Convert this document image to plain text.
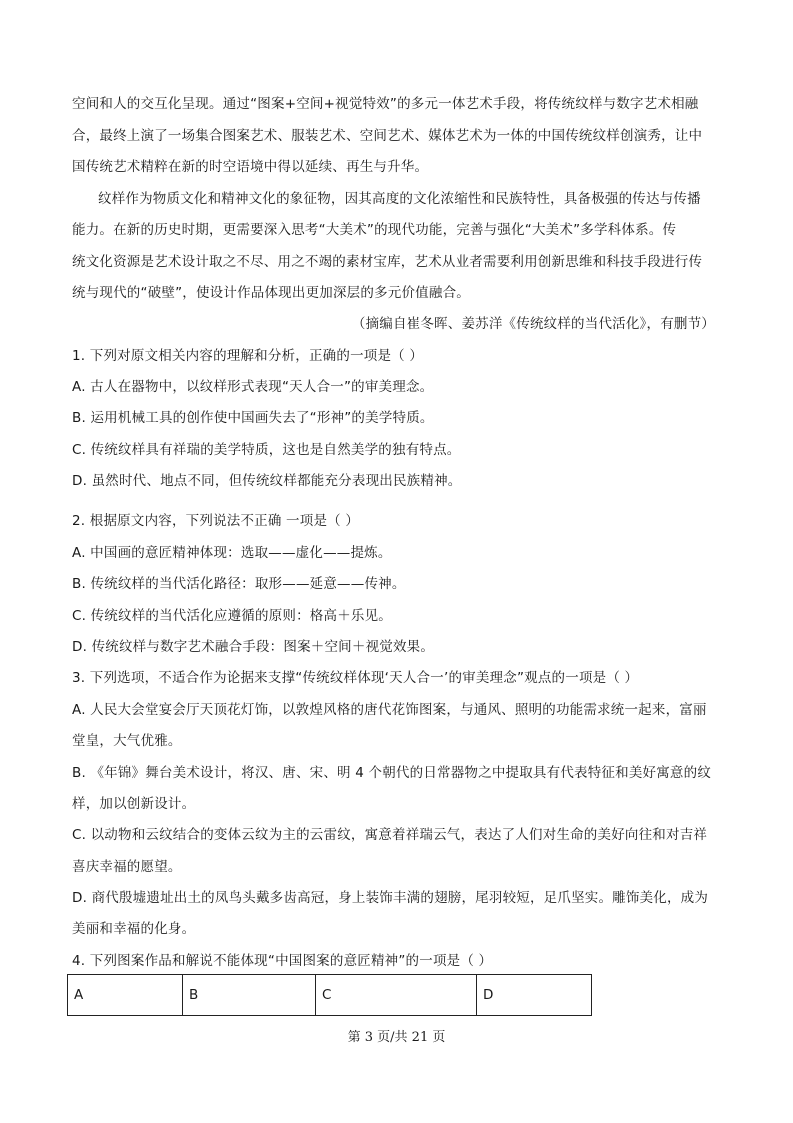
空间和人的交互化呈现。通过“图案+空间+视觉特效”的多元一体艺术手段，将传统纹样与数字艺术相融
合，最终上演了一场集合图案艺术、服装艺术、空间艺术、媒体艺术为一体的中国传统纹样创演秀，让中
国传统艺术精粹在新的时空语境中得以延续、再生与升华。
纹样作为物质文化和精神文化的象征物，因其高度的文化浓缩性和民族特性，具备极强的传达与传播
能力。在新的历史时期，更需要深入思考“大美术”的现代功能，完善与强化“大美术”多学科体系。传
统文化资源是艺术设计取之不尽、用之不竭的素材宝库，艺术从业者需要利用创新思维和科技手段进行传
统与现代的“破壁”，使设计作品体现出更加深层的多元价值融合。
（摘编自崔冬晖、姜苏洋《传统纹样的当代活化》，有删节）
1. 下列对原文相关内容的理解和分析，正确的一项是（ ）
A. 古人在器物中，以纹样形式表现“天人合一”的审美理念。
B. 运用机械工具的创作使中国画失去了“形神”的美学特质。
C. 传统纹样具有祥瑞的美学特质，这也是自然美学的独有特点。
D. 虽然时代、地点不同，但传统纹样都能充分表现出民族精神。
2. 根据原文内容，下列说法不正确 一项是（ ）
A. 中国画的意匠精神体现：选取——虚化——提炼。
B. 传统纹样的当代活化路径：取形——延意——传神。
C. 传统纹样的当代活化应遵循的原则：格高＋乐见。
D. 传统纹样与数字艺术融合手段：图案＋空间＋视觉效果。
3. 下列选项，不适合作为论据来支撑“传统纹样体现‘天人合一’的审美理念”观点的一项是（ ）
A. 人民大会堂宴会厅天顶花灯饰，以敦煌风格的唐代花饰图案，与通风、照明的功能需求统一起来，富丽
堂皇，大气优雅。
B. 《年锦》舞台美术设计，将汉、唐、宋、明 4 个朝代的日常器物之中提取具有代表特征和美好寓意的纹
样，加以创新设计。
C. 以动物和云纹结合的变体云纹为主的云雷纹，寓意着祥瑞云气，表达了人们对生命的美好向往和对吉祥
喜庆幸福的愿望。
D. 商代殷墟遗址出土的凤鸟头戴多齿高冠，身上装饰丰满的翅膀，尾羽较短，足爪坚实。雕饰美化，成为
美丽和幸福的化身。
4. 下列图案作品和解说不能体现“中国图案的意匠精神”的一项是（ ）
A	B	C	D
第 3 页/共 21 页
